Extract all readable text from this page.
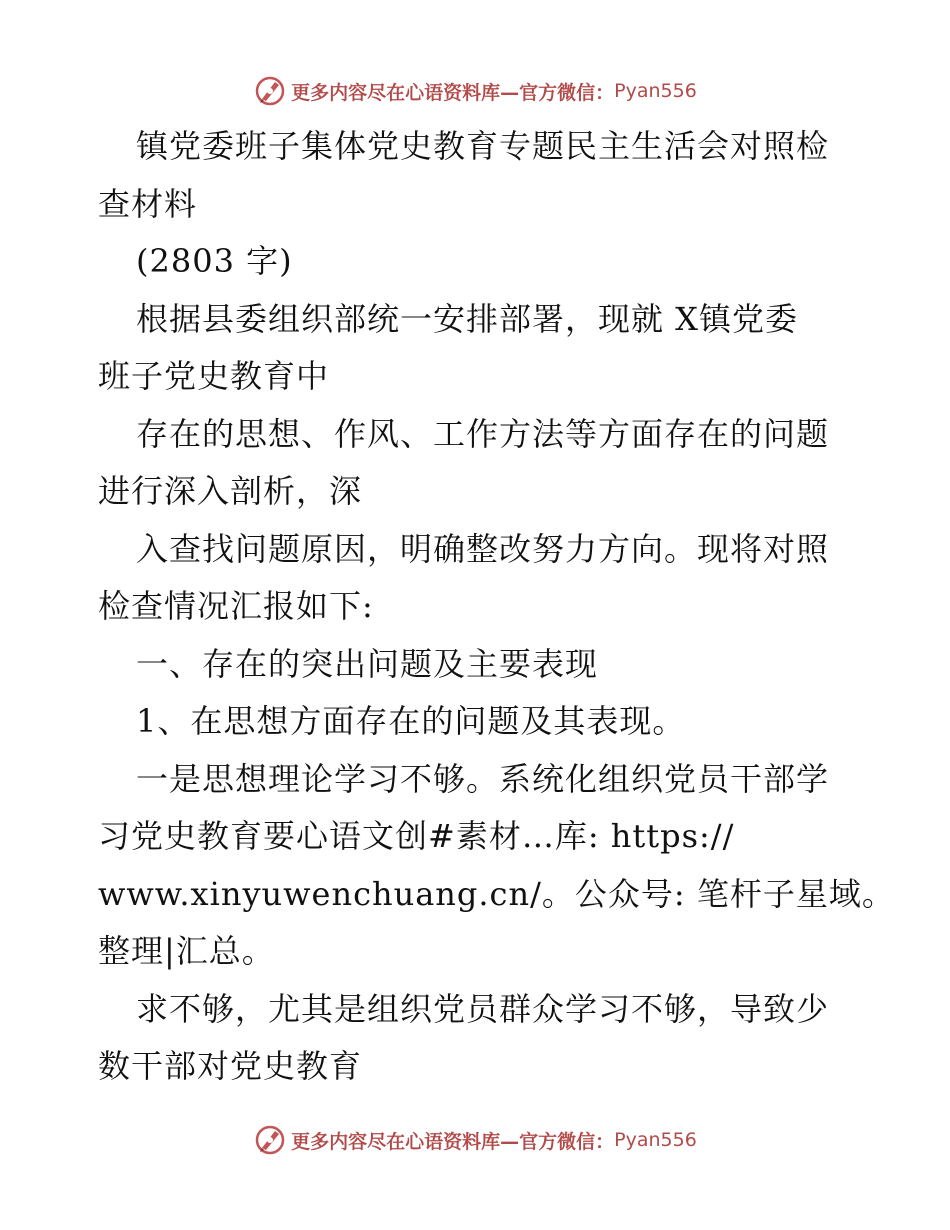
更多内容尽在心语资料库—官方微信： Pyan556
镇党委班子集体党史教育专题民主生活会对照检
查材料
(2803 字)
根据县委组织部统一安排部署，现就 X镇党委
班子党史教育中
存在的思想、作风、工作方法等方面存在的问题
进行深入剖析，深
入查找问题原因，明确整改努力方向。现将对照
检查情况汇报如下:
一、存在的突出问题及主要表现
1、在思想方面存在的问题及其表现。
一是思想理论学习不够。系统化组织党员干部学
习党史教育要心语文创#素材…库: https://
www.xinyuwenchuang.cn/。公众号: 笔杆子星域。
整理|汇总。
求不够，尤其是组织党员群众学习不够，导致少
数干部对党史教育
更多内容尽在心语资料库—官方微信： Pyan556
